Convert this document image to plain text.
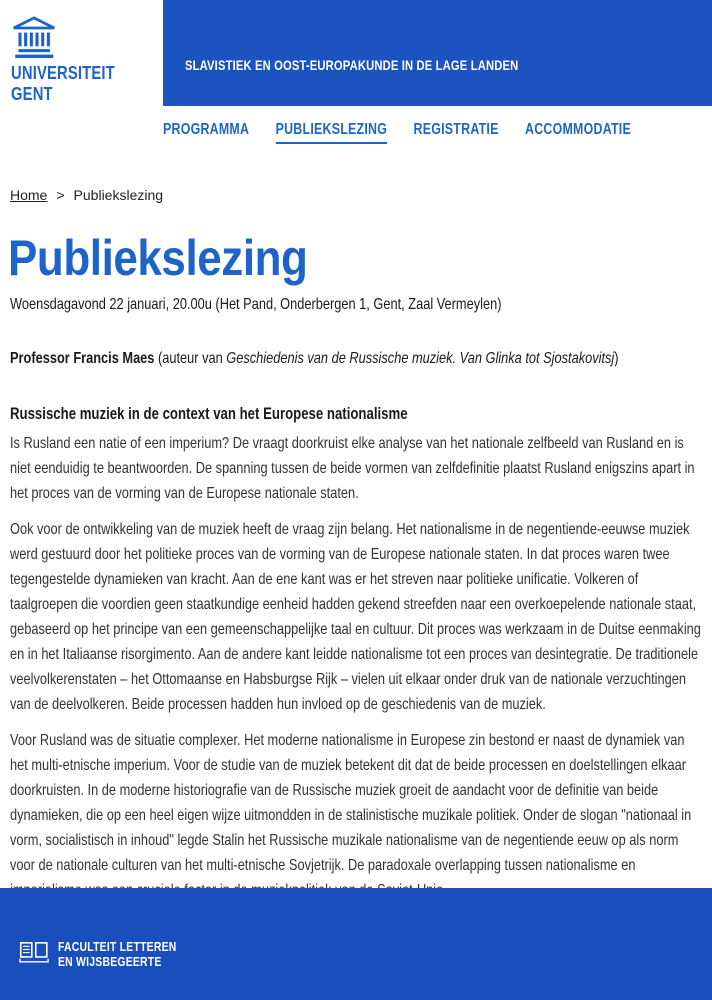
UNIVERSITEIT
GENT
SLAVISTIEK EN OOST-EUROPAKUNDE IN DE LAGE LANDEN
PROGRAMMA PUBLIEKSLEZING REGISTRATIE ACCOMMODATIE
Home > Publiekslezing
Publiekslezing
Woensdagavond 22 januari, 20.00u (Het Pand, Onderbergen 1, Gent, Zaal Vermeylen)
Professor Francis Maes (auteur van Geschiedenis van de Russische muziek. Van Glinka tot Sjostakovitsj)
Russische muziek in de context van het Europese nationalisme

Is Rusland een natie of een imperium? De vraagt doorkruist elke analyse van het nationale zelfbeeld van Rusland en is niet eenduidig te beantwoorden. De spanning tussen de beide vormen van zelfdefinitie plaatst Rusland enigszins apart in het proces van de vorming van de Europese nationale staten.

Ook voor de ontwikkeling van de muziek heeft de vraag zijn belang. Het nationalisme in de negentiende-eeuwse muziek werd gestuurd door het politieke proces van de vorming van de Europese nationale staten. In dat proces waren twee tegengestelde dynamieken van kracht. Aan de ene kant was er het streven naar politieke unificatie. Volkeren of taalgroepen die voordien geen staatkundige eenheid hadden gekend streefden naar een overkoepelende nationale staat, gebaseerd op het principe van een gemeenschappelijke taal en cultuur. Dit proces was werkzaam in de Duitse eenmaking en in het Italiaanse risorgimento. Aan de andere kant leidde nationalisme tot een proces van desintegratie. De traditionele veelvolkerenstaten – het Ottomaanse en Habsburgse Rijk – vielen uit elkaar onder druk van de nationale verzuchtingen van de deelvolkeren. Beide processen hadden hun invloed op de geschiedenis van de muziek.

Voor Rusland was de situatie complexer. Het moderne nationalisme in Europese zin bestond er naast de dynamiek van het multi-etnische imperium. Voor de studie van de muziek betekent dit dat de beide processen en doelstellingen elkaar doorkruisten. In de moderne historiografie van de Russische muziek groeit de aandacht voor de definitie van beide dynamieken, die op een heel eigen wijze uitmondden in de stalinistische muzikale politiek. Onder de slogan "nationaal in vorm, socialistisch in inhoud" legde Stalin het Russische muzikale nationalisme van de negentiende eeuw op als norm voor de nationale culturen van het multi-etnische Sovjetrijk. De paradoxale overlapping tussen nationalisme en

FACULTEIT LETTEREN
EN WIJSBEGEERTE
